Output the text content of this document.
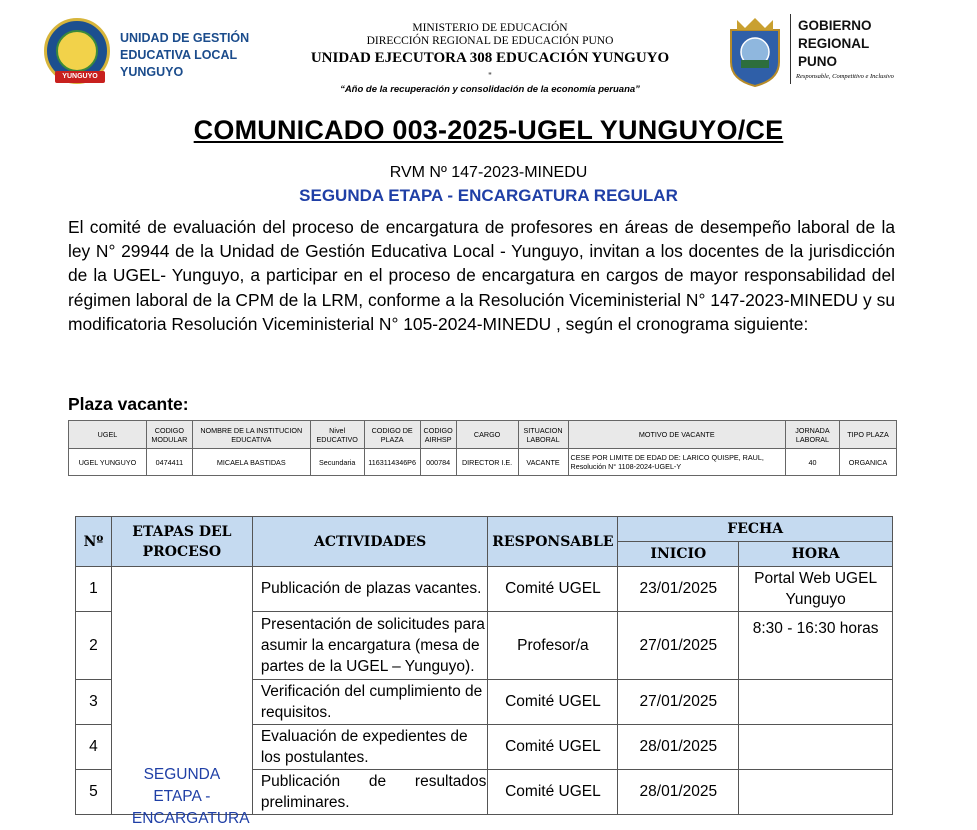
YUNGUYO
UNIDAD DE GESTIÓN
EDUCATIVA LOCAL
YUNGUYO
MINISTERIO DE EDUCACIÓN
DIRECCIÓN REGIONAL DE EDUCACIÓN PUNO
UNIDAD EJECUTORA 308 EDUCACIÓN YUNGUYO
"
“Año de la recuperación y consolidación de la economía peruana”
GOBIERNO
REGIONAL
PUNO
Responsable, Competitivo e Inclusivo
COMUNICADO 003-2025-UGEL YUNGUYO/CE
RVM Nº 147-2023-MINEDU
SEGUNDA ETAPA - ENCARGATURA REGULAR
El comité de evaluación del proceso de encargatura de profesores en áreas de desempeño laboral de la ley N° 29944 de la Unidad de Gestión Educativa Local - Yunguyo, invitan a los docentes de la jurisdicción de la UGEL- Yunguyo, a participar en el proceso de encargatura en cargos de mayor responsabilidad del régimen laboral de la CPM de la LRM, conforme a la Resolución Viceministerial N° 147-2023-MINEDU y su modificatoria Resolución Viceministerial N° 105-2024-MINEDU , según el cronograma siguiente:
Plaza vacante:
UGEL	CODIGO MODULAR	NOMBRE DE LA INSTITUCION EDUCATIVA	Nivel EDUCATIVO	CODIGO DE PLAZA	CODIGO AIRHSP	CARGO	SITUACION LABORAL	MOTIVO DE VACANTE	JORNADA LABORAL	TIPO PLAZA
UGEL YUNGUYO	0474411	MICAELA BASTIDAS	Secundaria	1163114346P6	000784	DIRECTOR I.E.	VACANTE	CESE POR LIMITE DE EDAD DE: LARICO QUISPE, RAUL, Resolución N° 1108-2024-UGEL-Y	40	ORGANICA
Nº	ETAPAS DEL PROCESO	ACTIVIDADES	RESPONSABLE	FECHA	
				INICIO	HORA
1	SEGUNDA ETAPA - ENCARGATURA	Publicación de plazas vacantes.	Comité UGEL	23/01/2025	Portal Web UGEL Yunguyo
2		Presentación de solicitudes para asumir la encargatura (mesa de partes de la UGEL – Yunguyo).	Profesor/a	27/01/2025	8:30 - 16:30 horas
3		Verificación del cumplimiento de requisitos.	Comité UGEL	27/01/2025	
4		Evaluación de expedientes de los postulantes.	Comité UGEL	28/01/2025	
5		Publicación de resultados preliminares.	Comité UGEL	28/01/2025	
